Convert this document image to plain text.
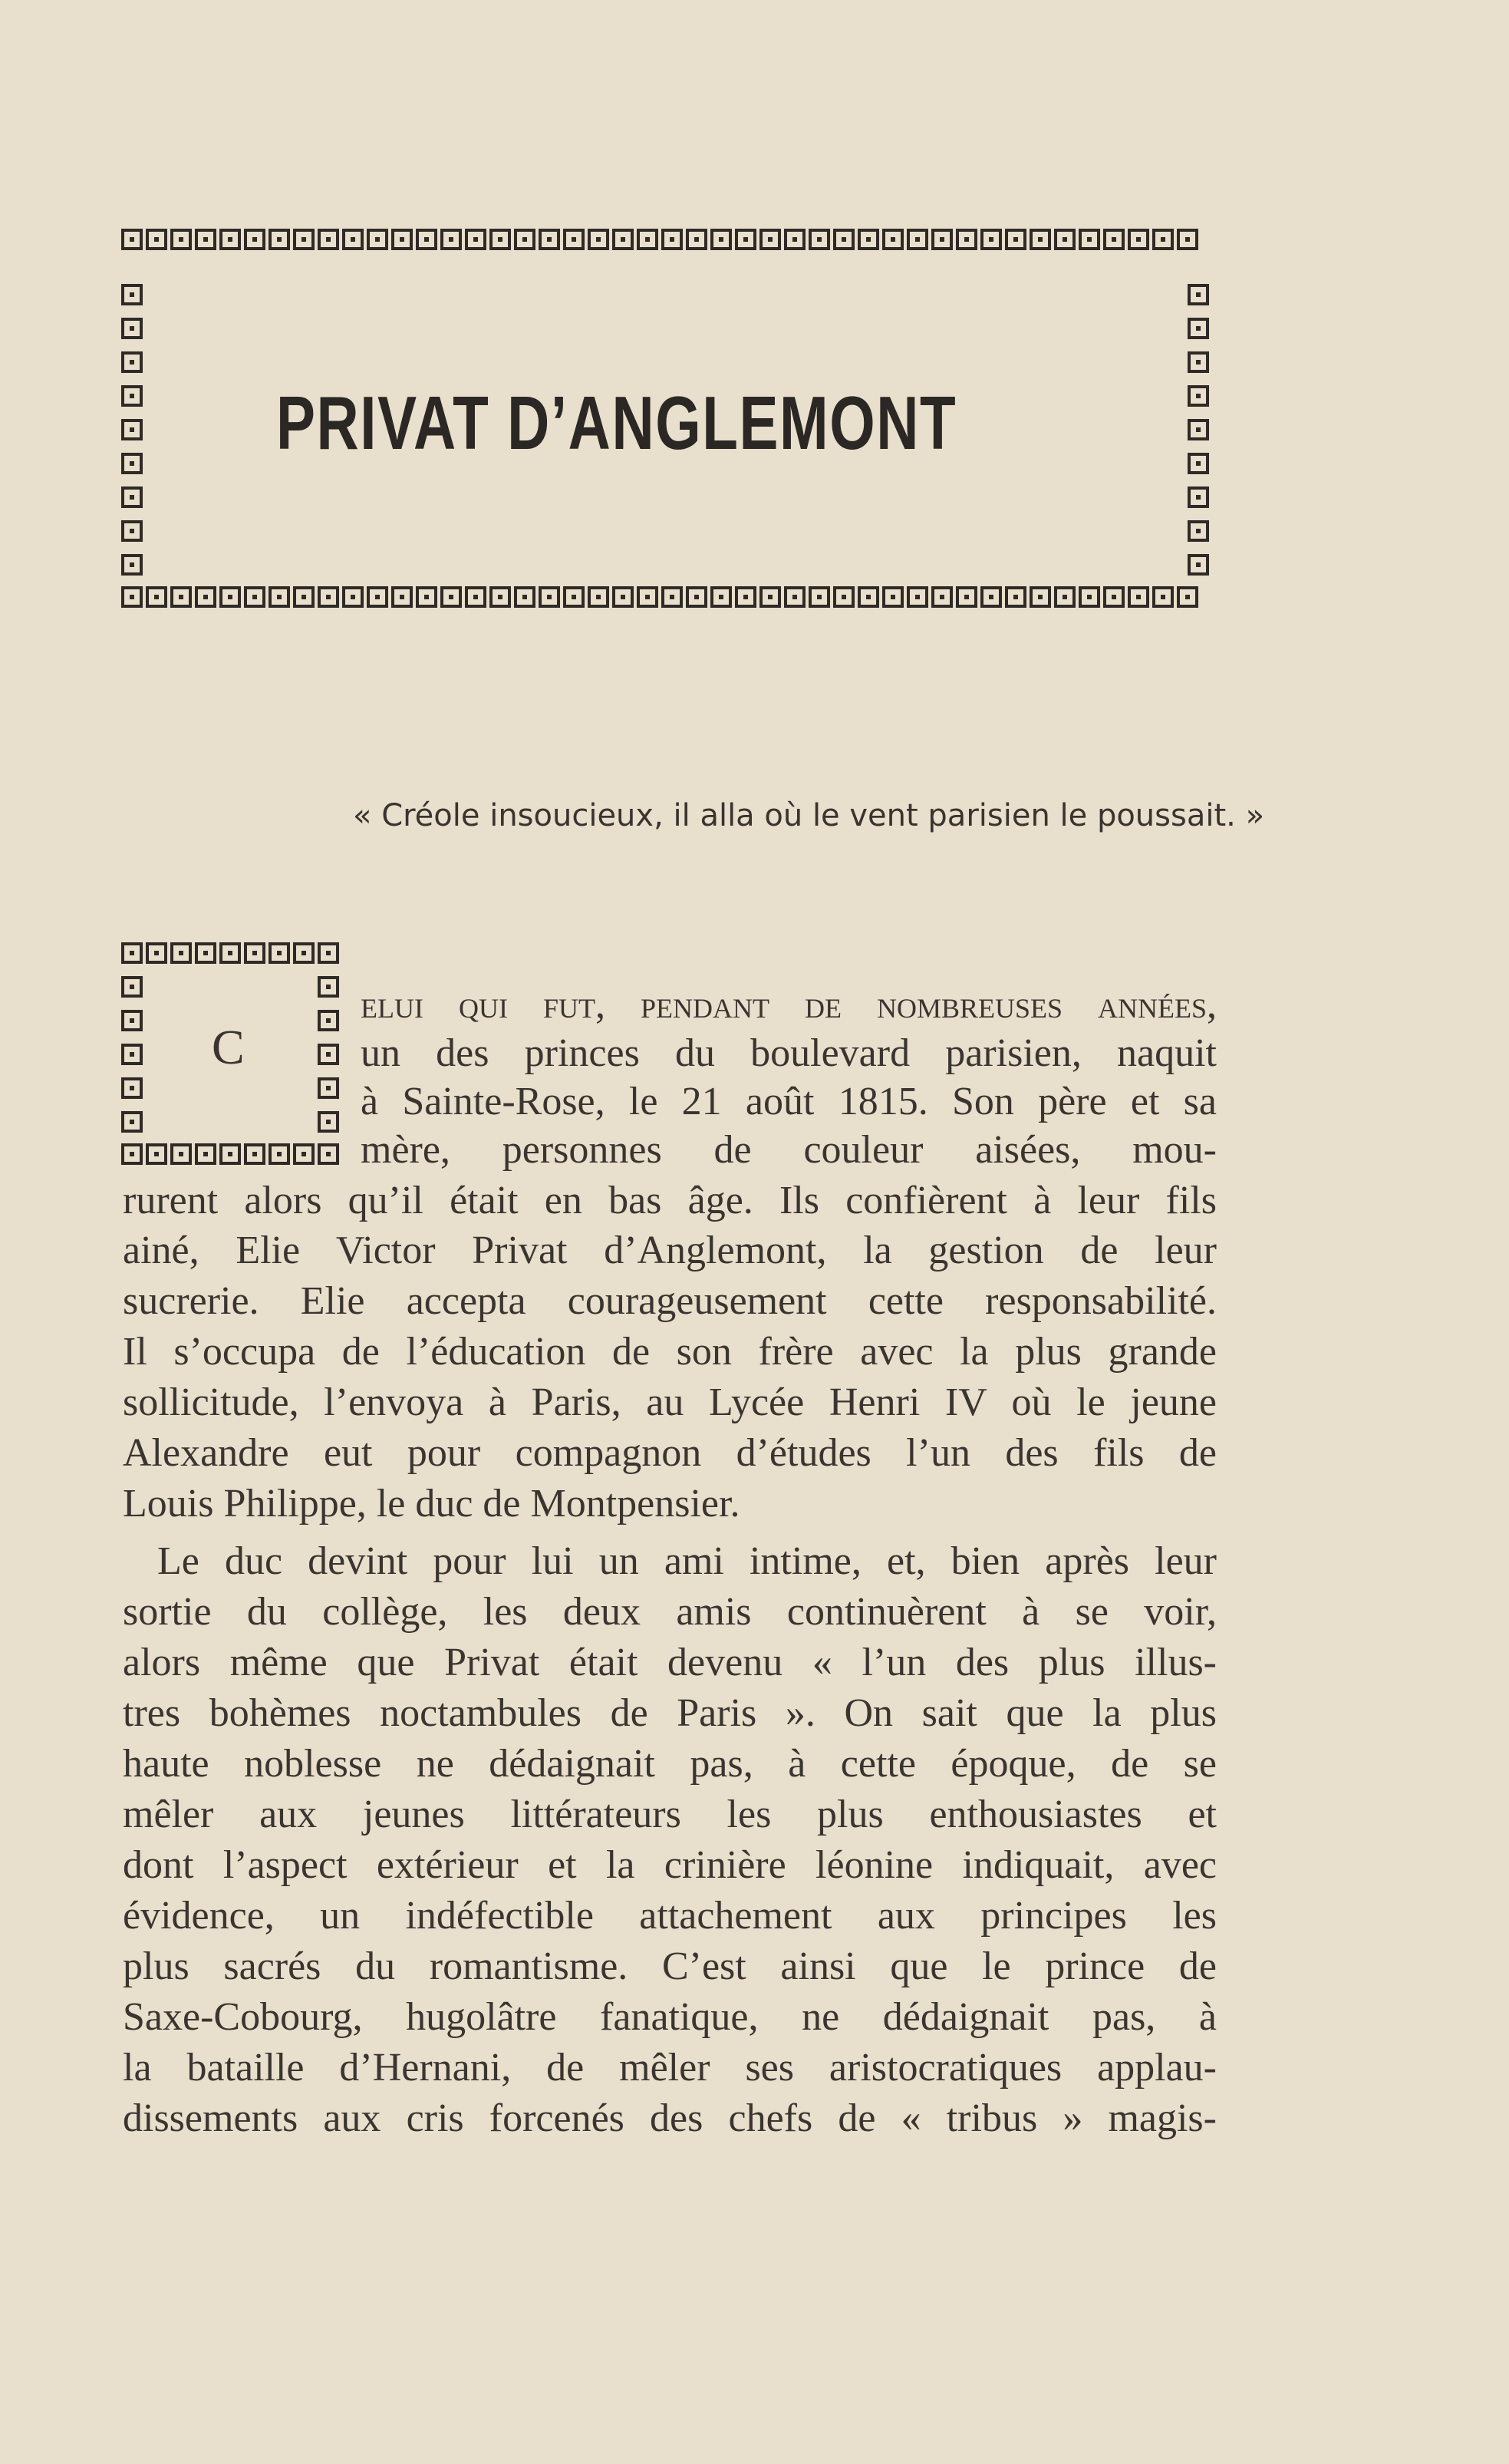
PRIVAT D’ANGLEMONT
« Créole insoucieux, il alla où le vent parisien le poussait. »
C
elui qui fut, pendant de nombreuses années,
un des princes du boulevard parisien, naquit
à Sainte-Rose, le 21 août 1815. Son père et sa
mère, personnes de couleur aisées, mou-
rurent alors qu’il était en bas âge. Ils confièrent à leur fils
ainé, Elie Victor Privat d’Anglemont, la gestion de leur
sucrerie. Elie accepta courageusement cette responsabilité.
Il s’occupa de l’éducation de son frère avec la plus grande
sollicitude, l’envoya à Paris, au Lycée Henri IV où le jeune
Alexandre eut pour compagnon d’études l’un des fils de
Louis Philippe, le duc de Montpensier.
Le duc devint pour lui un ami intime, et, bien après leur
sortie du collège, les deux amis continuèrent à se voir,
alors même que Privat était devenu « l’un des plus illus-
tres bohèmes noctambules de Paris ». On sait que la plus
haute noblesse ne dédaignait pas, à cette époque, de se
mêler aux jeunes littérateurs les plus enthousiastes et
dont l’aspect extérieur et la crinière léonine indiquait, avec
évidence, un indéfectible attachement aux principes les
plus sacrés du romantisme. C’est ainsi que le prince de
Saxe-Cobourg, hugolâtre fanatique, ne dédaignait pas, à
la bataille d’Hernani, de mêler ses aristocratiques applau-
dissements aux cris forcenés des chefs de « tribus » magis-
